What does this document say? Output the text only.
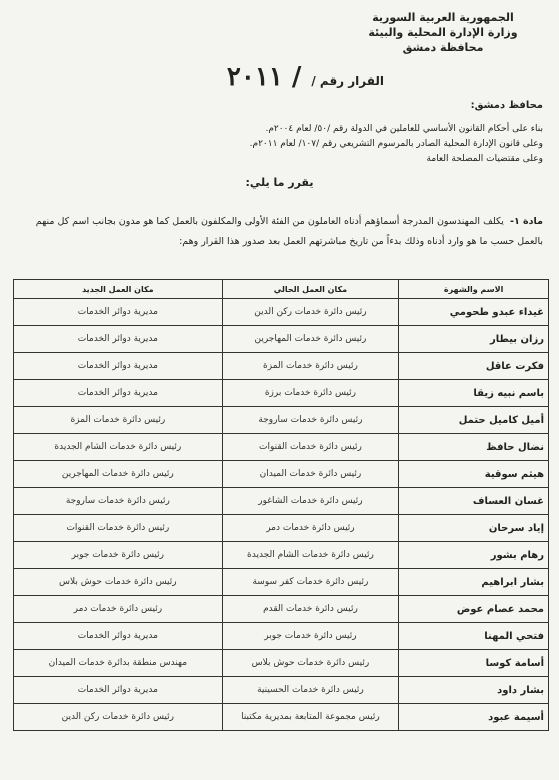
الجمهورية العربية السورية
وزارة الإدارة المحلية والبيئة
محافظة دمشق
القرار رقم /
/ ٢٠١١
محافظ دمشق:
بناء على أحكام القانون الأساسي للعاملين في الدولة رقم /٥٠/ لعام ٢٠٠٤م.
وعلى قانون الإدارة المحلية الصادر بالمرسوم التشريعي رقم /١٠٧/ لعام ٢٠١١م.
وعلى مقتضيات المصلحة العامة
يقرر ما يلي:
مادة ١- يكلف المهندسون المدرجة أسماؤهم أدناه العاملون من الفئة الأولى والمكلفون بالعمل كما هو مدون بجانب اسم كل منهم بالعمل حسب ما هو وارد أدناه وذلك بدءاً من تاريخ مباشرتهم العمل بعد صدور هذا القرار وهم:
الاسم والشهرة	مكان العمل الحالي	مكان العمل الجديد
غيداء عبدو طحومي	رئيس دائرة خدمات ركن الدين	مديرية دوائر الخدمات
رزان بيطار	رئيس دائرة خدمات المهاجرين	مديرية دوائر الخدمات
فكرت عاقل	رئيس دائرة خدمات المزة	مديرية دوائر الخدمات
باسم نبيه زيقا	رئيس دائرة خدمات برزة	مديرية دوائر الخدمات
أميل كاميل حتمل	رئيس دائرة خدمات ساروجة	رئيس دائرة خدمات المزة
نضال حافظ	رئيس دائرة خدمات القنوات	رئيس دائرة خدمات الشام الجديدة
هيثم سوقية	رئيس دائرة خدمات الميدان	رئيس دائرة خدمات المهاجرين
غسان العساف	رئيس دائرة خدمات الشاغور	رئيس دائرة خدمات ساروجة
إياد سرحان	رئيس دائرة خدمات دمر	رئيس دائرة خدمات القنوات
رهام بشور	رئيس دائرة خدمات الشام الجديدة	رئيس دائرة خدمات جوبر
بشار ابراهيم	رئيس دائرة خدمات كفر سوسة	رئيس دائرة خدمات حوش بلاس
محمد عصام عوض	رئيس دائرة خدمات القدم	رئيس دائرة خدمات دمر
فتحي المهنا	رئيس دائرة خدمات جوبر	مديرية دوائر الخدمات
أسامة كوسا	رئيس دائرة خدمات حوش بلاس	مهندس منطقة بدائرة خدمات الميدان
بشار داود	رئيس دائرة خدمات الحسينية	مديرية دوائر الخدمات
أسيمة عبود	رئيس مجموعة المتابعة بمديرية مكتبنا	رئيس دائرة خدمات ركن الدين
